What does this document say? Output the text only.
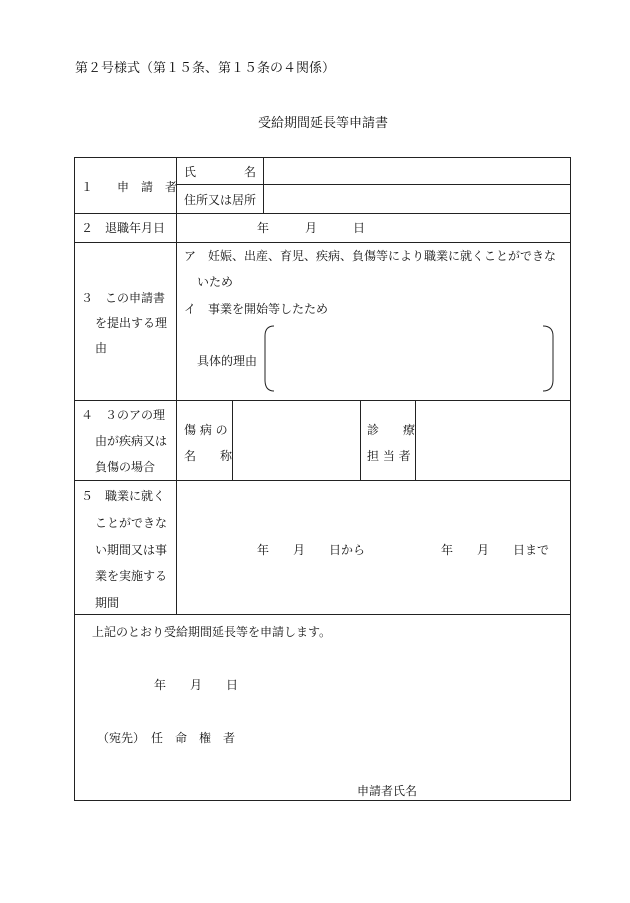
第２号様式（第１５条、第１５条の４関係）
受給期間延長等申請書
１　　申　請　者
氏　　　　名
住所又は居所
２　退職年月日	年　　　月　　　日
３　この申請書
を提出する理
由
ア　妊娠、出産、育児、疾病、負傷等により職業に就くことができな
いため
イ　事業を開始等したため
具体的理由
４　３のアの理
由が疾病又は
負傷の場合
傷 病 の
名　　称
診　　療
担 当 者
５　職業に就く
ことができな
い期間又は事
業を実施する
期間
年　　月　　日から	年　　月　　日まで
上記のとおり受給期間延長等を申請します。
年　　月　　日
（宛先）　任　命　権　者
申請者氏名
